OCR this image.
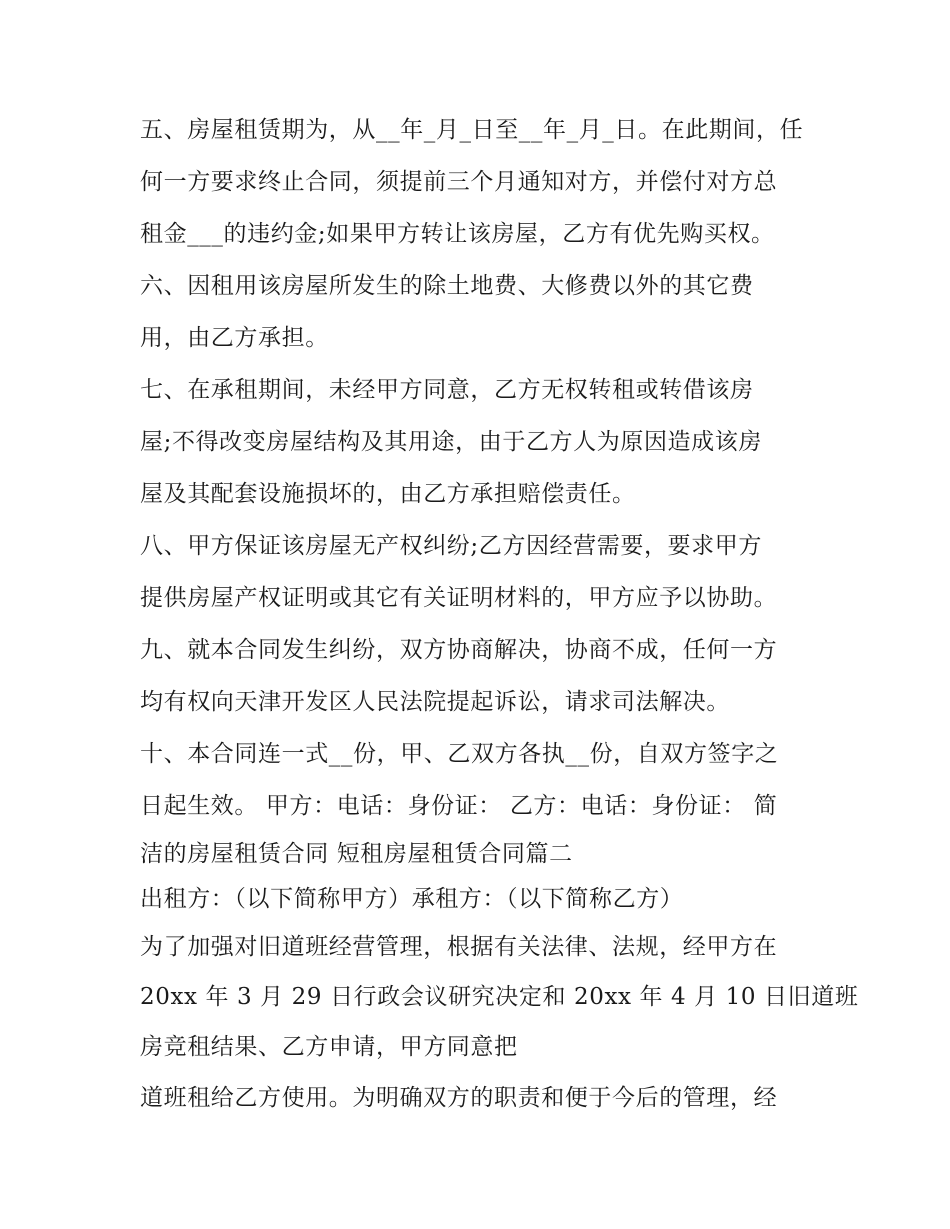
五、房屋租赁期为，从__年_月_日至__年_月_日。在此期间，任
何一方要求终止合同，须提前三个月通知对方，并偿付对方总
租金___的违约金;如果甲方转让该房屋，乙方有优先购买权。
六、因租用该房屋所发生的除土地费、大修费以外的其它费
用，由乙方承担。
七、在承租期间，未经甲方同意，乙方无权转租或转借该房
屋;不得改变房屋结构及其用途，由于乙方人为原因造成该房
屋及其配套设施损坏的，由乙方承担赔偿责任。
八、甲方保证该房屋无产权纠纷;乙方因经营需要，要求甲方
提供房屋产权证明或其它有关证明材料的，甲方应予以协助。
九、就本合同发生纠纷，双方协商解决，协商不成，任何一方
均有权向天津开发区人民法院提起诉讼，请求司法解决。
十、本合同连一式__份，甲、乙双方各执__份，自双方签字之
日起生效。 甲方：电话：身份证： 乙方：电话：身份证： 简
洁的房屋租赁合同 短租房屋租赁合同篇二
出租方：（以下简称甲方）承租方：（以下简称乙方）
为了加强对旧道班经营管理，根据有关法律、法规，经甲方在
20xx 年 3 月 29 日行政会议研究决定和 20xx 年 4 月 10 日旧道班
房竞租结果、乙方申请，甲方同意把
道班租给乙方使用。为明确双方的职责和便于今后的管理，经
